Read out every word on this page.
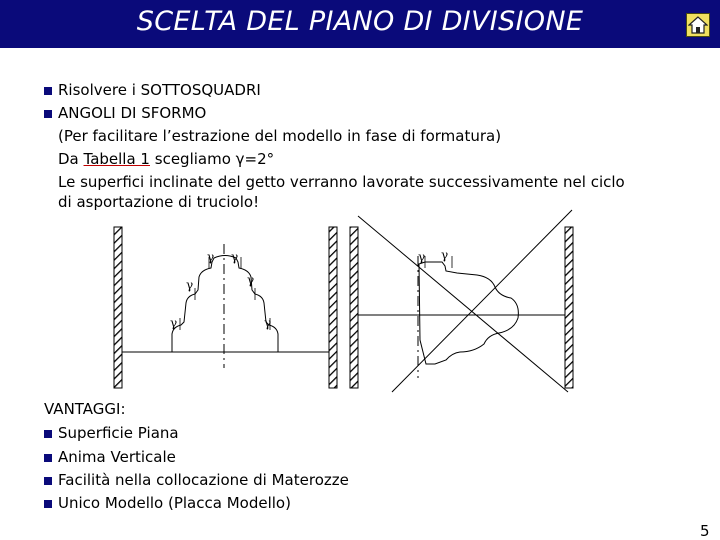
SCELTA DEL PIANO DI DIVISIONE
Risolvere i SOTTOSQUADRI
ANGOLI DI SFORMO
(Per facilitare l’estrazione del modello in fase di formatura)
Da Tabella 1 scegliamo γ=2°
Le superfici inclinate del getto verranno lavorate successivamente nel ciclo
di asportazione di truciolo!
γ γ
γ	γ
γ	γ
γ γ
VANTAGGI:
Superficie Piana
Anima Verticale
Facilità nella collocazione di Materozze
Unico Modello (Placca Modello)
5
